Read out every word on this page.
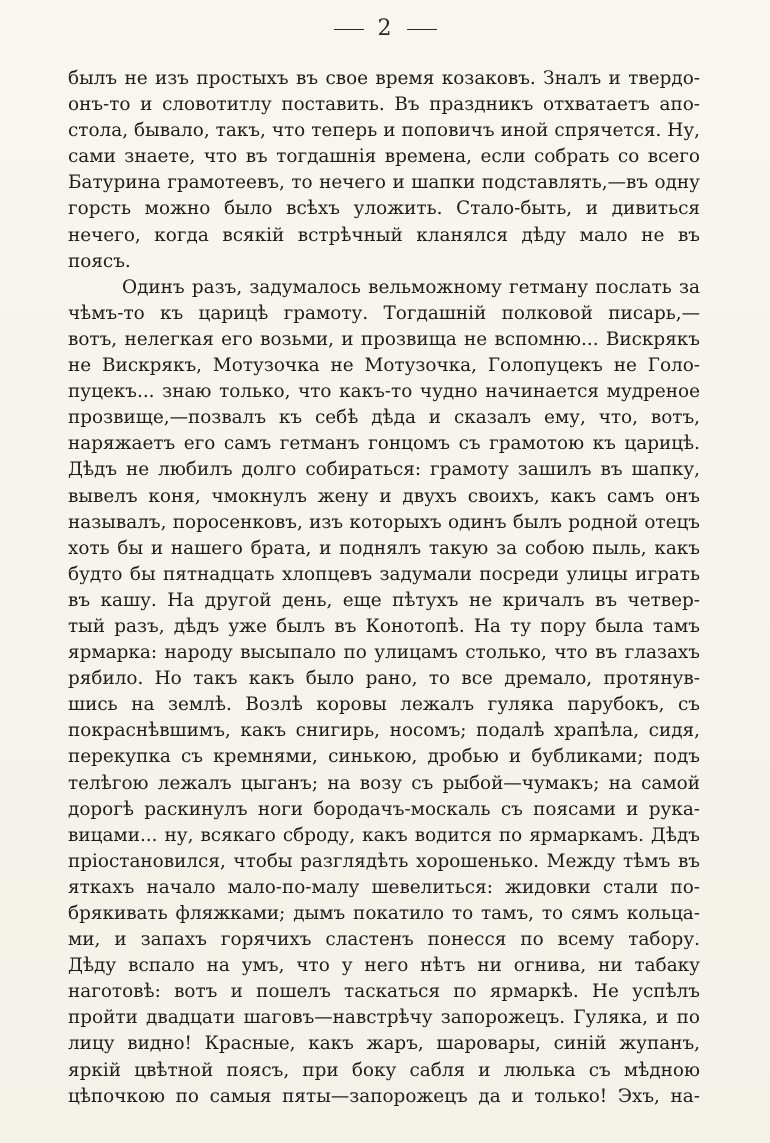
2
былъ не изъ простыхъ въ свое время козаковъ. Зналъ и твердо-
онъ-то и словотитлу поставить. Въ праздникъ отхватаетъ апо-
стола, бывало, такъ, что теперь и поповичъ иной спрячется. Ну,
сами знаете, что въ тогдашнія времена, если собрать со всего
Батурина грамотеевъ, то нечего и шапки подставлять,—въ одну
горсть можно было всѣхъ уложить. Стало-быть, и дивиться
нечего, когда всякій встрѣчный кланялся дѣду мало не въ
поясъ.
Одинъ разъ, задумалось вельможному гетману послать за
чѣмъ-то къ царицѣ грамоту. Тогдашній полковой писарь,—
вотъ, нелегкая его возьми, и прозвища не вспомню... Вискрякъ
не Вискрякъ, Мотузочка не Мотузочка, Голопуцекъ не Голо-
пуцекъ... знаю только, что какъ-то чудно начинается мудреное
прозвище,—позвалъ къ себѣ дѣда и сказалъ ему, что, вотъ,
наряжаетъ его самъ гетманъ гонцомъ съ грамотою къ царицѣ.
Дѣдъ не любилъ долго собираться: грамоту зашилъ въ шапку,
вывелъ коня, чмокнулъ жену и двухъ своихъ, какъ самъ онъ
называлъ, поросенковъ, изъ которыхъ одинъ былъ родной отецъ
хоть бы и нашего брата, и поднялъ такую за собою пыль, какъ
будто бы пятнадцать хлопцевъ задумали посреди улицы играть
въ кашу. На другой день, еще пѣтухъ не кричалъ въ четвер-
тый разъ, дѣдъ уже былъ въ Конотопѣ. На ту пору была тамъ
ярмарка: народу высыпало по улицамъ столько, что въ глазахъ
рябило. Но такъ какъ было рано, то все дремало, протянув-
шись на землѣ. Возлѣ коровы лежалъ гуляка парубокъ, съ
покраснѣвшимъ, какъ снигирь, носомъ; подалѣ храпѣла, сидя,
перекупка съ кремнями, синькою, дробью и бубликами; подъ
телѣгою лежалъ цыганъ; на возу съ рыбой—чумакъ; на самой
дорогѣ раскинулъ ноги бородачъ-москаль съ поясами и рука-
вицами... ну, всякаго сброду, какъ водится по ярмаркамъ. Дѣдъ
пріостановился, чтобы разглядѣть хорошенько. Между тѣмъ въ
яткахъ начало мало-по-малу шевелиться: жидовки стали по-
брякивать фляжками; дымъ покатило то тамъ, то сямъ кольца-
ми, и запахъ горячихъ сластенъ понесся по всему табору.
Дѣду вспало на умъ, что у него нѣтъ ни огнива, ни табаку
наготовѣ: вотъ и пошелъ таскаться по ярмаркѣ. Не успѣлъ
пройти двадцати шаговъ—навстрѣчу запорожецъ. Гуляка, и по
лицу видно! Красные, какъ жаръ, шаровары, синій жупанъ,
яркій цвѣтной поясъ, при боку сабля и люлька съ мѣдною
цѣпочкою по самыя пяты—запорожецъ да и только! Эхъ, на-
